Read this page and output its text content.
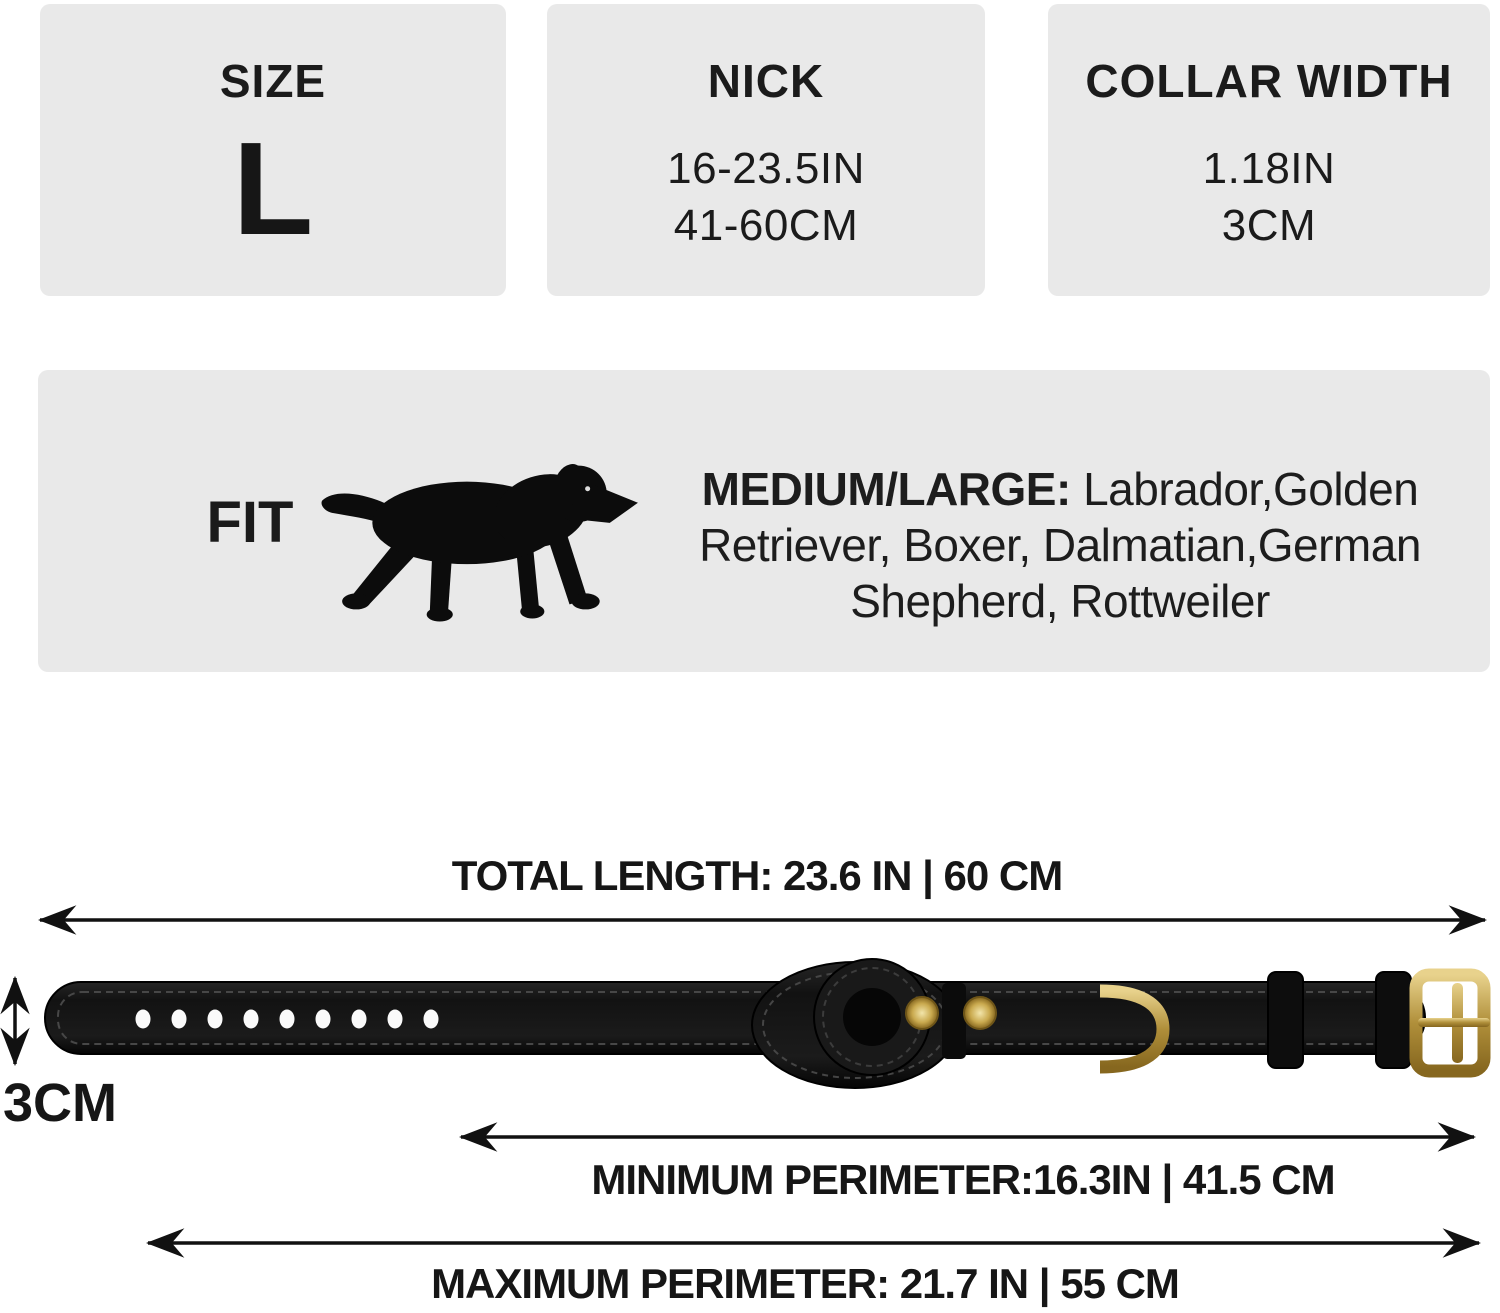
SIZE
L
NICK
16-23.5IN
41-60CM
COLLAR WIDTH
1.18IN
3CM
FIT
MEDIUM/LARGE: Labrador,Golden
Retriever, Boxer, Dalmatian,German
Shepherd, Rottweiler
TOTAL LENGTH: 23.6 IN | 60 CM
3CM
MINIMUM PERIMETER:16.3IN | 41.5 CM
MAXIMUM PERIMETER: 21.7 IN | 55 CM
